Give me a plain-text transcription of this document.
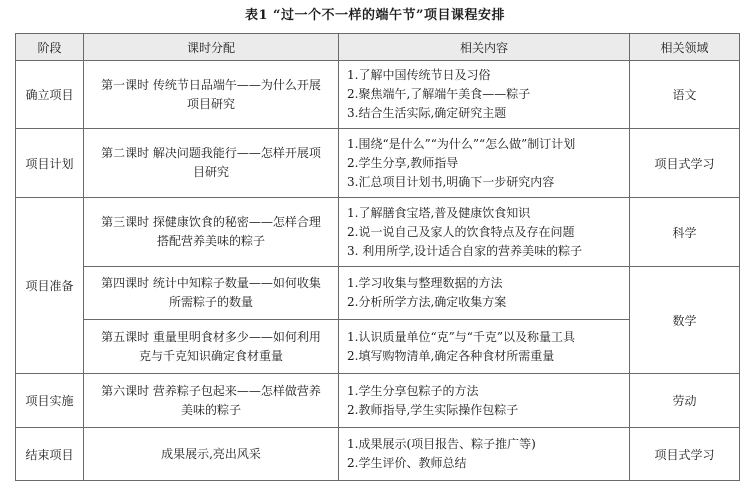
表1 “过一个不一样的端午节”项目课程安排
阶段	课时分配	相关内容	相关领域
确立项目	第一课时 传统节日品端午——为什么开展项目研究	1.了解中国传统节日及习俗
2.聚焦端午,了解端午美食——粽子
3.结合生活实际,确定研究主题	语文
项目计划	第二课时 解决问题我能行——怎样开展项目研究	1.围绕“是什么”“为什么”“怎么做”制订计划
2.学生分享,教师指导
3.汇总项目计划书,明确下一步研究内容	项目式学习
项目准备	第三课时 探健康饮食的秘密——怎样合理搭配营养美味的粽子	1.了解膳食宝塔,普及健康饮食知识
2.说一说自己及家人的饮食特点及存在问题
3. 利用所学,设计适合自家的营养美味的粽子	科学
	第四课时 统计中知粽子数量——如何收集所需粽子的数量	1.学习收集与整理数据的方法
2.分析所学方法,确定收集方案	数学
	第五课时 重量里明食材多少——如何利用克与千克知识确定食材重量	1.认识质量单位“克”与“千克”以及称量工具
2.填写购物清单,确定各种食材所需重量	

项目实施	第六课时 营养粽子包起来——怎样做营养美味的粽子	1.学生分享包粽子的方法
2.教师指导,学生实际操作包粽子	劳动
结束项目	成果展示,亮出风采	1.成果展示(项目报告、粽子推广等)
2.学生评价、教师总结	项目式学习
